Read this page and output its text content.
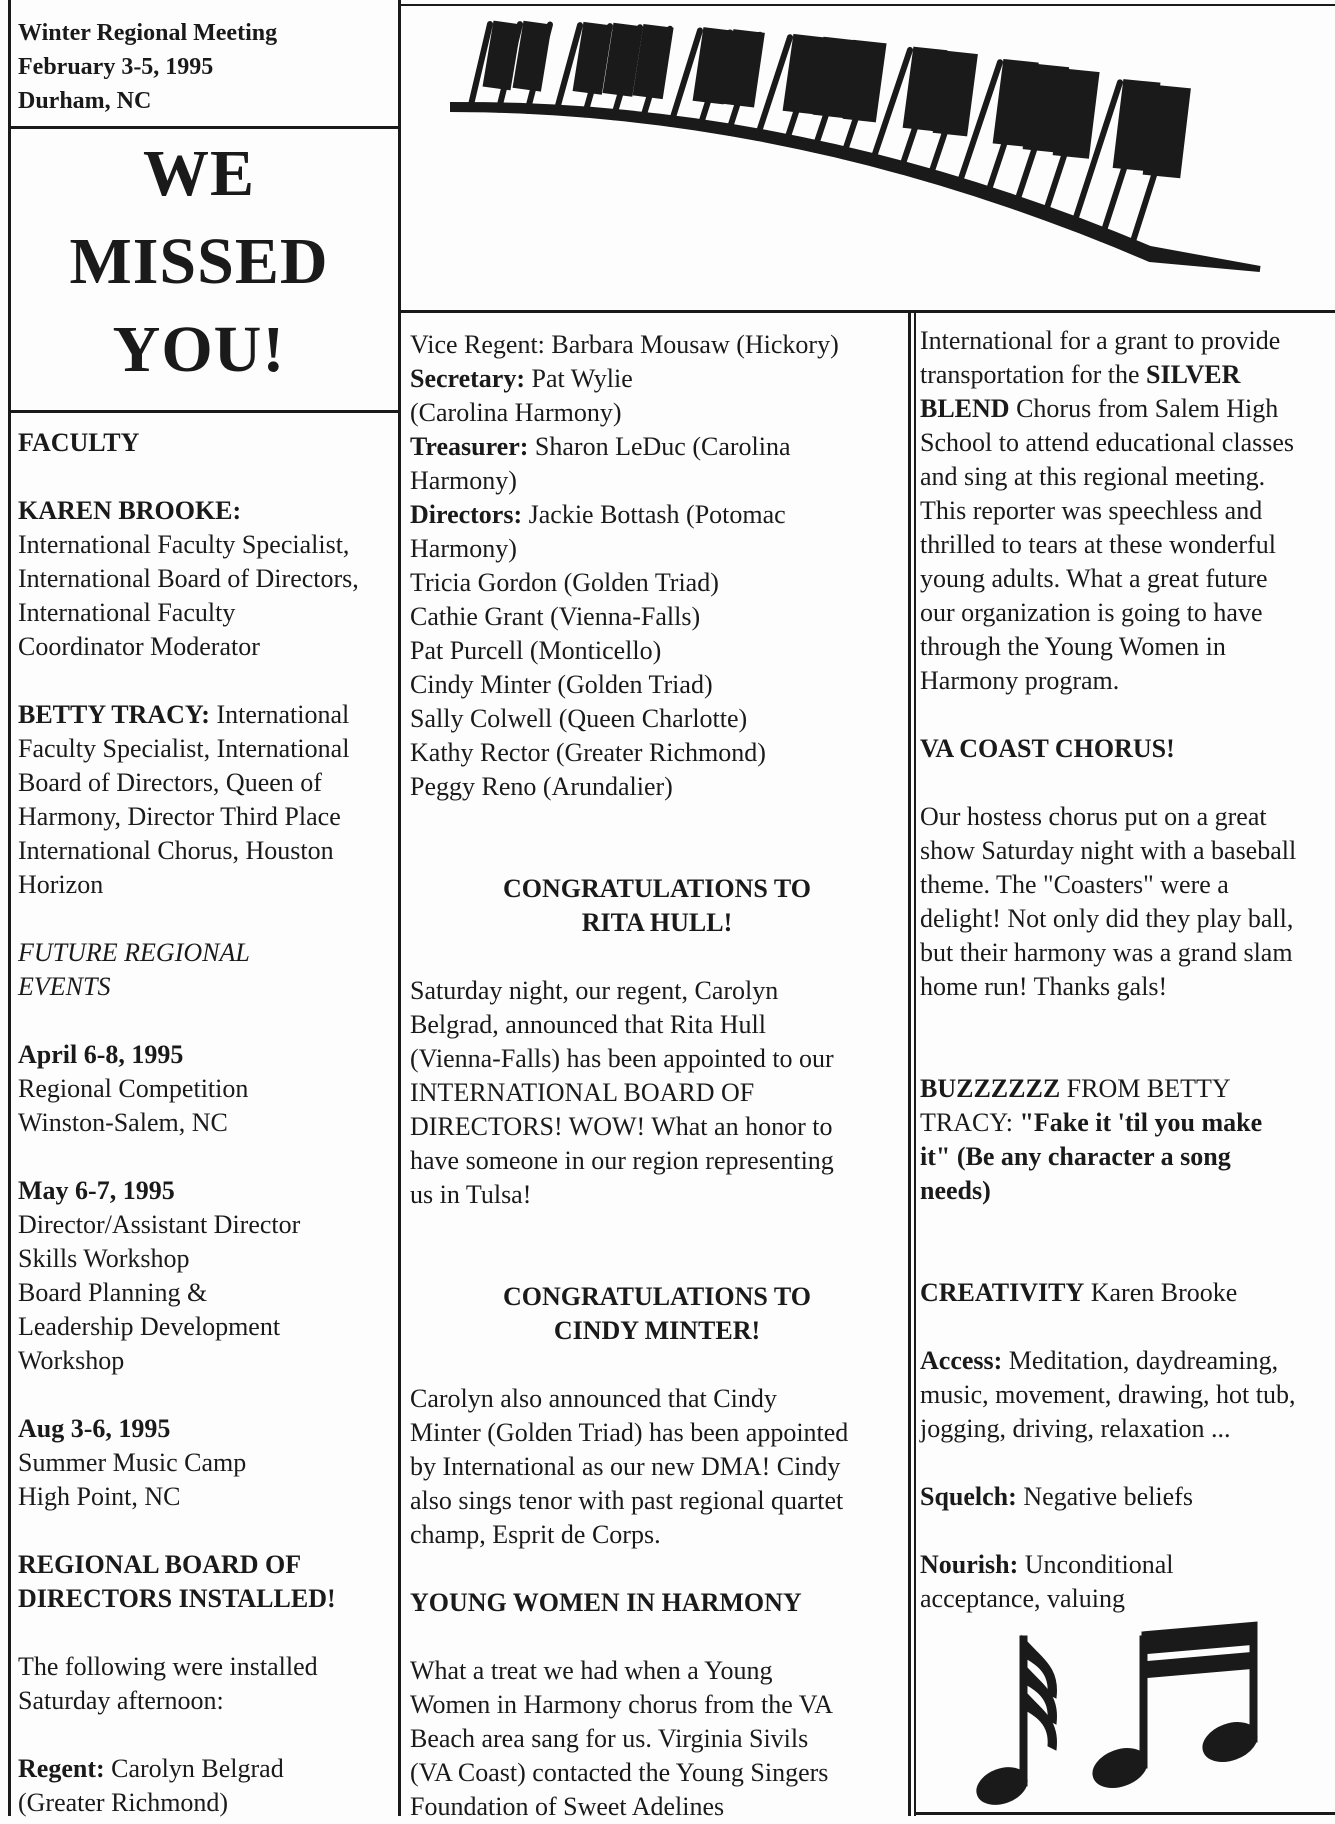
Winter Regional Meeting

February 3-5, 1995

Durham, NC

WE
MISSED
YOU!

FACULTY

KAREN BROOKE:

International Faculty Specialist,

International Board of Directors,

International Faculty

Coordinator Moderator

BETTY TRACY: International

Faculty Specialist, International

Board of Directors, Queen of

Harmony, Director Third Place

International Chorus, Houston

Horizon

FUTURE REGIONAL

EVENTS

April 6-8, 1995

Regional Competition

Winston-Salem, NC

May 6-7, 1995

Director/Assistant Director

Skills Workshop

Board Planning &

Leadership Development

Workshop

Aug 3-6, 1995

Summer Music Camp

High Point, NC

REGIONAL BOARD OF

DIRECTORS INSTALLED!

The following were installed

Saturday afternoon:

Regent: Carolyn Belgrad

(Greater Richmond)

Vice Regent: Barbara Mousaw (Hickory)

Secretary: Pat Wylie

(Carolina Harmony)

Treasurer: Sharon LeDuc (Carolina

Harmony)

Directors: Jackie Bottash (Potomac

Harmony)

Tricia Gordon (Golden Triad)

Cathie Grant (Vienna-Falls)

Pat Purcell (Monticello)

Cindy Minter (Golden Triad)

Sally Colwell (Queen Charlotte)

Kathy Rector (Greater Richmond)

Peggy Reno (Arundalier)

CONGRATULATIONS TO

RITA HULL!

Saturday night, our regent, Carolyn

Belgrad, announced that Rita Hull

(Vienna-Falls) has been appointed to our

INTERNATIONAL BOARD OF

DIRECTORS! WOW! What an honor to

have someone in our region representing

us in Tulsa!

CONGRATULATIONS TO

CINDY MINTER!

Carolyn also announced that Cindy

Minter (Golden Triad) has been appointed

by International as our new DMA! Cindy

also sings tenor with past regional quartet

champ, Esprit de Corps.

YOUNG WOMEN IN HARMONY

What a treat we had when a Young

Women in Harmony chorus from the VA

Beach area sang for us. Virginia Sivils

(VA Coast) contacted the Young Singers

Foundation of Sweet Adelines

International for a grant to provide

transportation for the SILVER

BLEND Chorus from Salem High

School to attend educational classes

and sing at this regional meeting.

This reporter was speechless and

thrilled to tears at these wonderful

young adults. What a great future

our organization is going to have

through the Young Women in

Harmony program.

VA COAST CHORUS!

Our hostess chorus put on a great

show Saturday night with a baseball

theme. The "Coasters" were a

delight! Not only did they play ball,

but their harmony was a grand slam

home run! Thanks gals!

BUZZZZZZ FROM BETTY

TRACY: "Fake it 'til you make

it" (Be any character a song

needs)

CREATIVITY Karen Brooke

Access: Meditation, daydreaming,

music, movement, drawing, hot tub,

jogging, driving, relaxation ...

Squelch: Negative beliefs

Nourish: Unconditional

acceptance, valuing
